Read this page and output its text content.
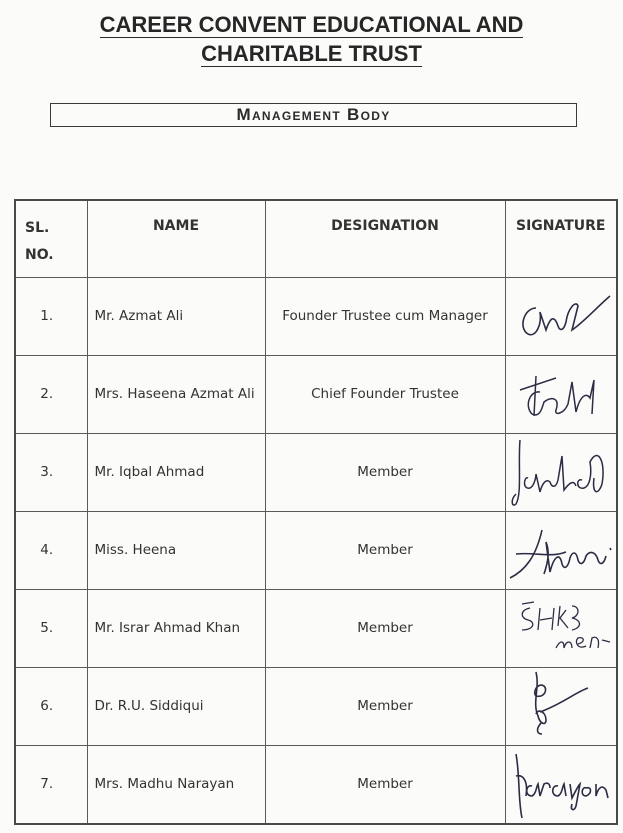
CAREER CONVENT EDUCATIONAL AND
CHARITABLE TRUST
Management Body
SL.
NO.	NAME	DESIGNATION	SIGNATURE
1.	Mr. Azmat Ali	Founder Trustee cum Manager	

2.	Mrs. Haseena Azmat Ali	Chief Founder Trustee	

3.	Mr. Iqbal Ahmad	Member	

4.	Miss. Heena	Member	

5.	Mr. Israr Ahmad Khan	Member	

6.	Dr. R.U. Siddiqui	Member	

7.	Mrs. Madhu Narayan	Member	
